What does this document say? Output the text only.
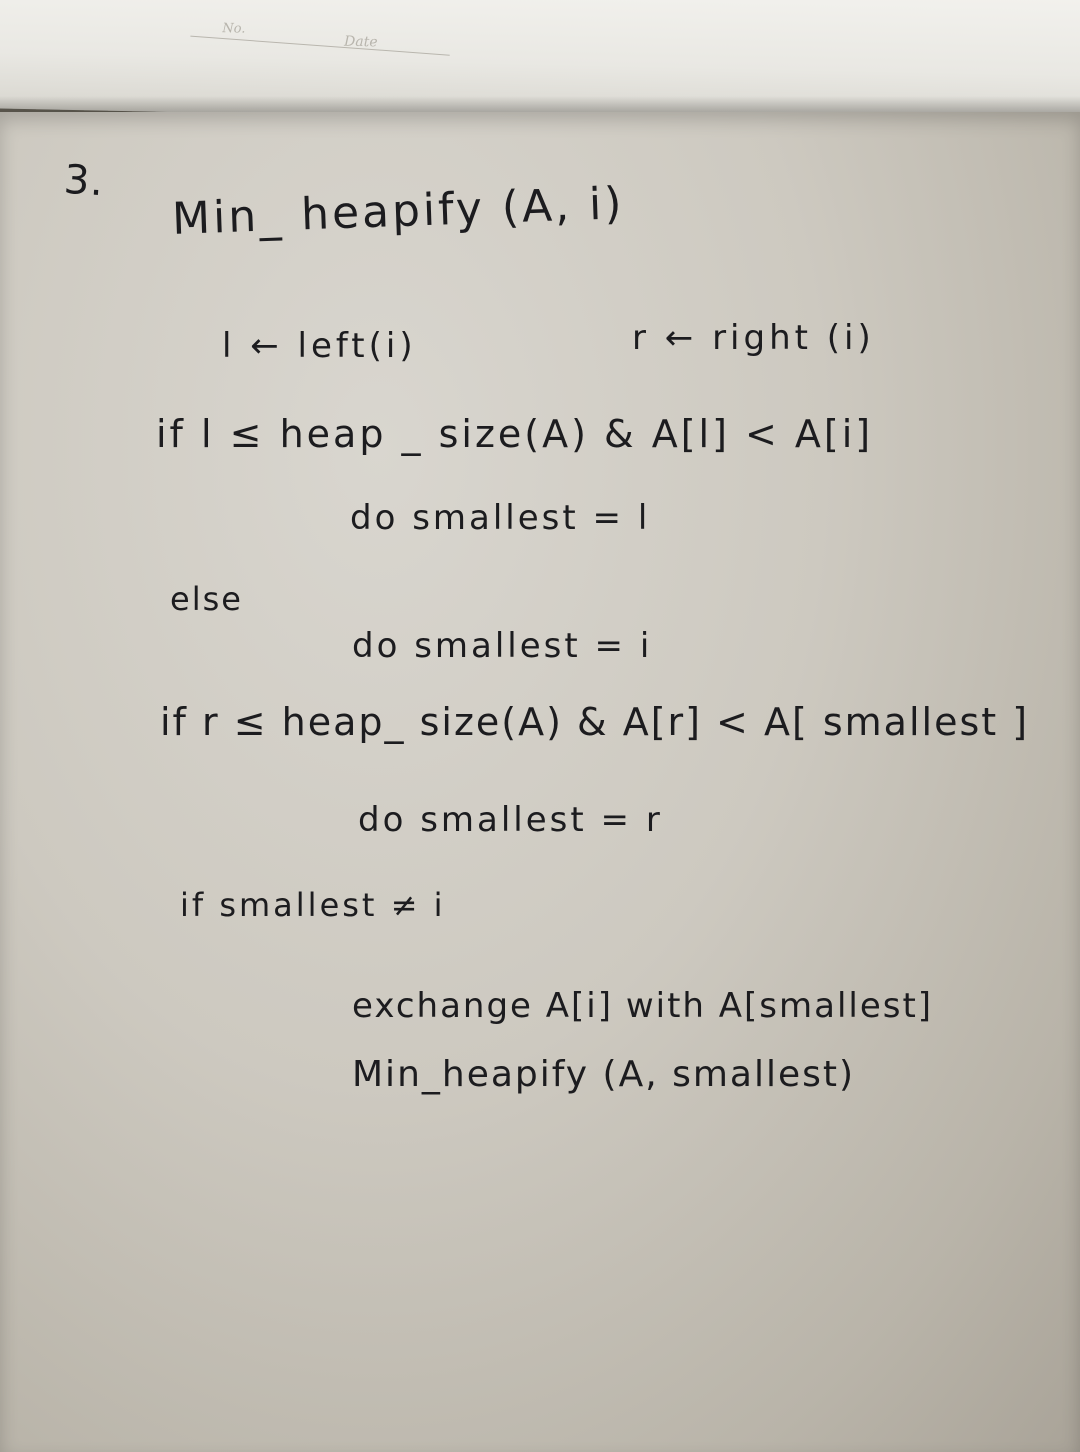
No.
Date
3. Min_ heapify (A, i)
l ← left(i)	r ← right (i)
if l ≤ heap _ size(A) & A[l] < A[i]
do smallest = l
else
do smallest = i
if r ≤ heap_ size(A) & A[r] < A[ smallest ]
do smallest = r
if smallest ≠ i
exchange A[i] with A[smallest]
Min_heapify (A, smallest)
